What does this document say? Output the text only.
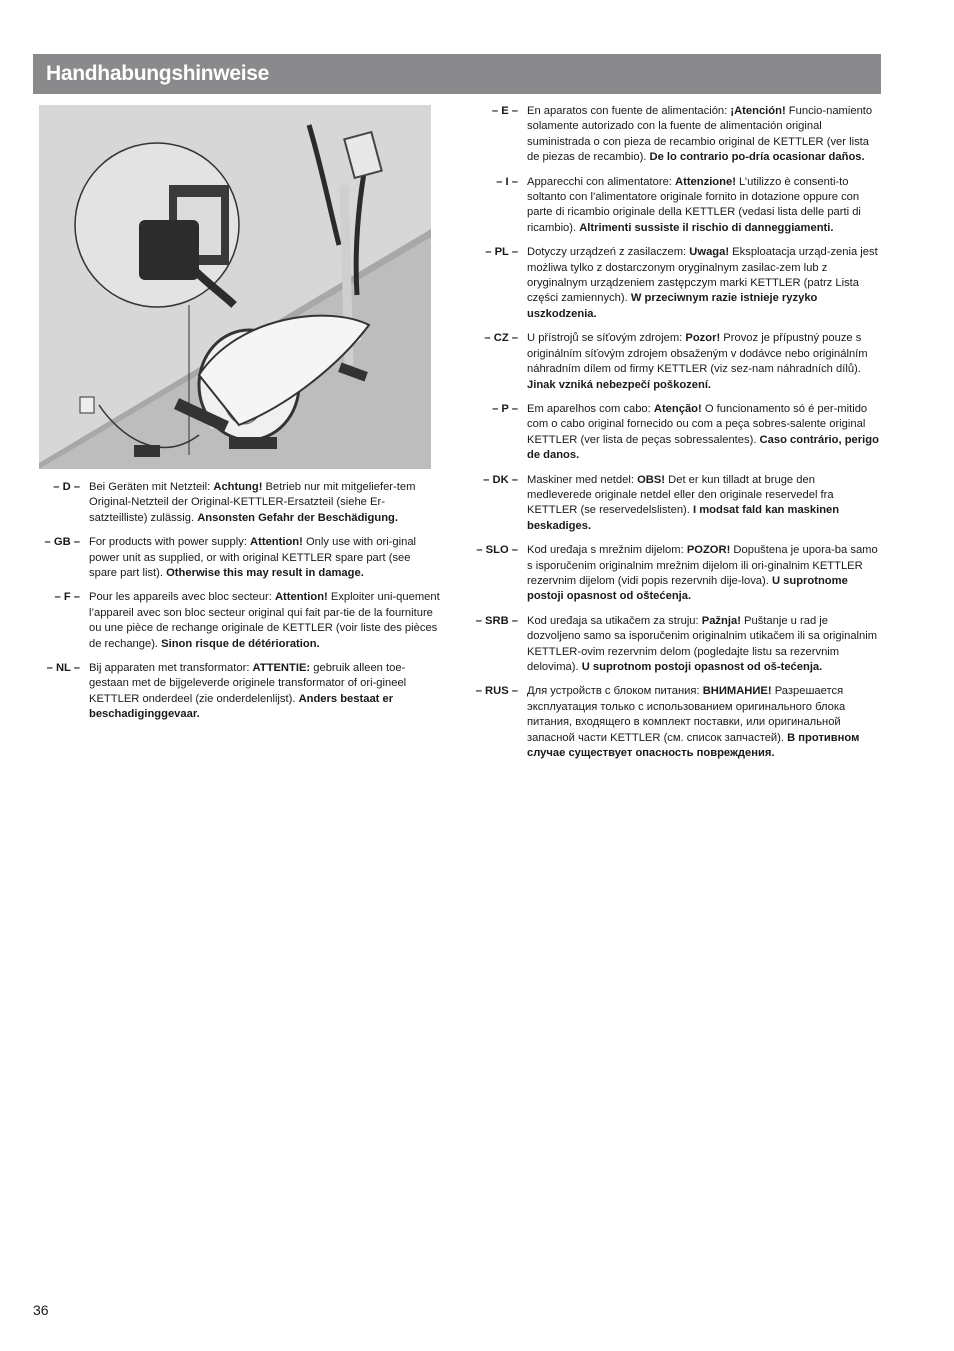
Handhabungshinweise
– D – Bei Geräten mit Netzteil: Achtung! Betrieb nur mit mitgeliefer-tem Original-Netzteil der Original-KETTLER-Ersatzteil (siehe Er-satzteilliste) zulässig. Ansonsten Gefahr der Beschädigung.
– GB – For products with power supply: Attention! Only use with ori-ginal power unit as supplied, or with original KETTLER spare part (see spare part list). Otherwise this may result in damage.
– F – Pour les appareils avec bloc secteur: Attention! Exploiter uni-quement l’appareil avec son bloc secteur original qui fait par-tie de la fourniture ou une pièce de rechange originale de KETTLER (voir liste des pièces de rechange). Sinon risque de détérioration.
– NL – Bij apparaten met transformator: ATTENTIE: gebruik alleen toe-gestaan met de bijgeleverde originele transformator of ori-gineel KETTLER onderdeel (zie onderdelenlijst). Anders bestaat er beschadiginggevaar.
– E – En aparatos con fuente de alimentación: ¡Atención! Funcio-namiento solamente autorizado con la fuente de alimentación original suministrada o con pieza de recambio original de KETTLER (ver lista de piezas de recambio). De lo contrario po-dría ocasionar daños.
– I – Apparecchi con alimentatore: Attenzione! L’utilizzo è consenti-to soltanto con l’alimentatore originale fornito in dotazione oppure con parte di ricambio originale della KETTLER (vedasi lista delle parti di ricambio). Altrimenti sussiste il rischio di danneggiamenti.
– PL – Dotyczy urządzeń z zasilaczem: Uwaga! Eksploatacja urząd-zenia jest możliwa tylko z dostarczonym oryginalnym zasilac-zem lub z oryginalnym urządzeniem zastępczym marki KETTLER (patrz Lista części zamiennych). W przeciwnym razie istnieje ryzyko uszkodzenia.
– CZ – U přístrojů se síťovým zdrojem: Pozor! Provoz je přípustný pouze s originálním síťovým zdrojem obsaženým v dodávce nebo originálním náhradním dílem od firmy KETTLER (viz sez-nam náhradních dílů). Jinak vzniká nebezpečí poškození.
– P – Em aparelhos com cabo: Atenção! O funcionamento só é per-mitido com o cabo original fornecido ou com a peça sobres-salente original KETTLER (ver lista de peças sobressalentes). Caso contrário, perigo de danos.
– DK – Maskiner med netdel: OBS! Det er kun tilladt at bruge den medleverede originale netdel eller den originale reservedel fra KETTLER (se reservedelslisten). I modsat fald kan maskinen beskadiges.
– SLO – Kod uređaja s mrežnim dijelom: POZOR! Dopuštena je upora-ba samo s isporučenim originalnim mrežnim dijelom ili ori-ginalnim KETTLER rezervnim dijelom (vidi popis rezervnih dije-lova). U suprotnome postoji opasnost od oštećenja.
– SRB – Kod uređaja sa utikačem za struju: Pažnja! Puštanje u rad je dozvoljeno samo sa isporučenim originalnim utikačem ili sa originalnim KETTLER-ovim rezervnim delom (pogledajte listu sa rezervnim delovima). U suprotnom postoji opasnost od oš-tećenja.
– RUS – Для устройств с блоком питания: ВНИМАНИЕ! Разрешается эксплуатация только с использованием оригинального блока питания, входящего в комплект поставки, или оригинальной запасной части KETTLER (см. список запчастей). В противном случае существует опасность повреждения.
36
